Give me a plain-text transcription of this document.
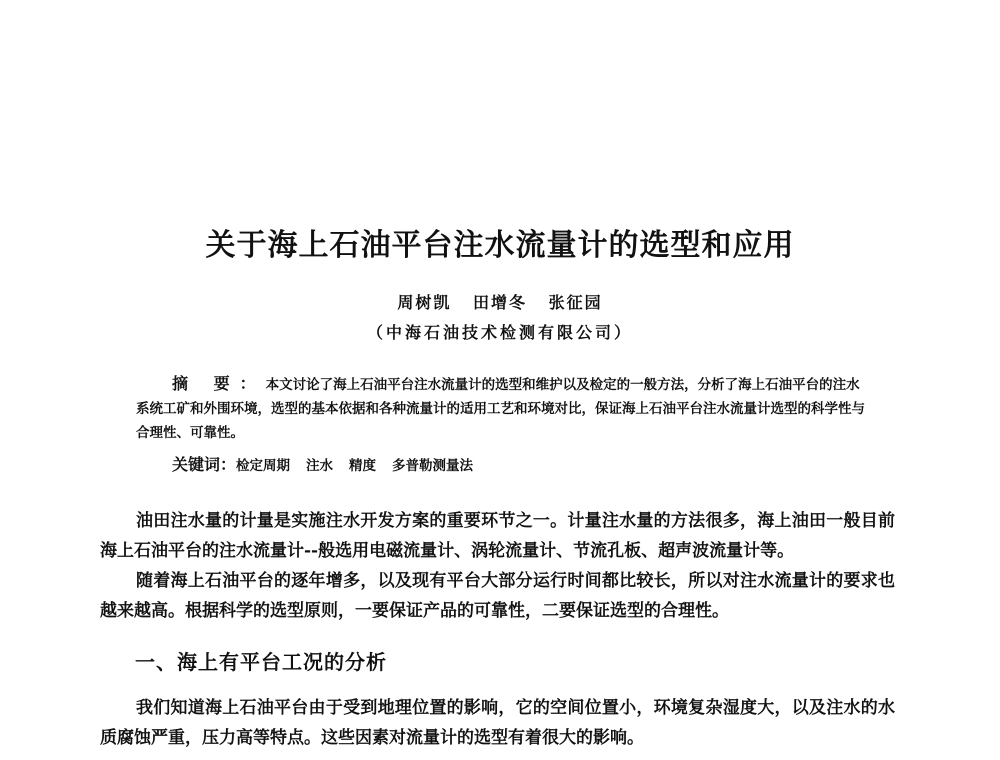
关于海上石油平台注水流量计的选型和应用
周树凯 田增冬 张征园
（中海石油技术检测有限公司）
摘 要：本文讨论了海上石油平台注水流量计的选型和维护以及检定的一般方法，分析了海上石油平台的注水系统工矿和外围环境，选型的基本依据和各种流量计的适用工艺和环境对比，保证海上石油平台注水流量计选型的科学性与合理性、可靠性。
关键词：检定周期 注水 精度 多普勒测量法
油田注水量的计量是实施注水开发方案的重要环节之一。计量注水量的方法很多，海上油田一般目前海上石油平台的注水流量计--般选用电磁流量计、涡轮流量计、节流孔板、超声波流量计等。
随着海上石油平台的逐年增多，以及现有平台大部分运行时间都比较长，所以对注水流量计的要求也越来越高。根据科学的选型原则，一要保证产品的可靠性，二要保证选型的合理性。
一、海上有平台工况的分析
我们知道海上石油平台由于受到地理位置的影响，它的空间位置小，环境复杂湿度大，以及注水的水质腐蚀严重，压力高等特点。这些因素对流量计的选型有着很大的影响。
